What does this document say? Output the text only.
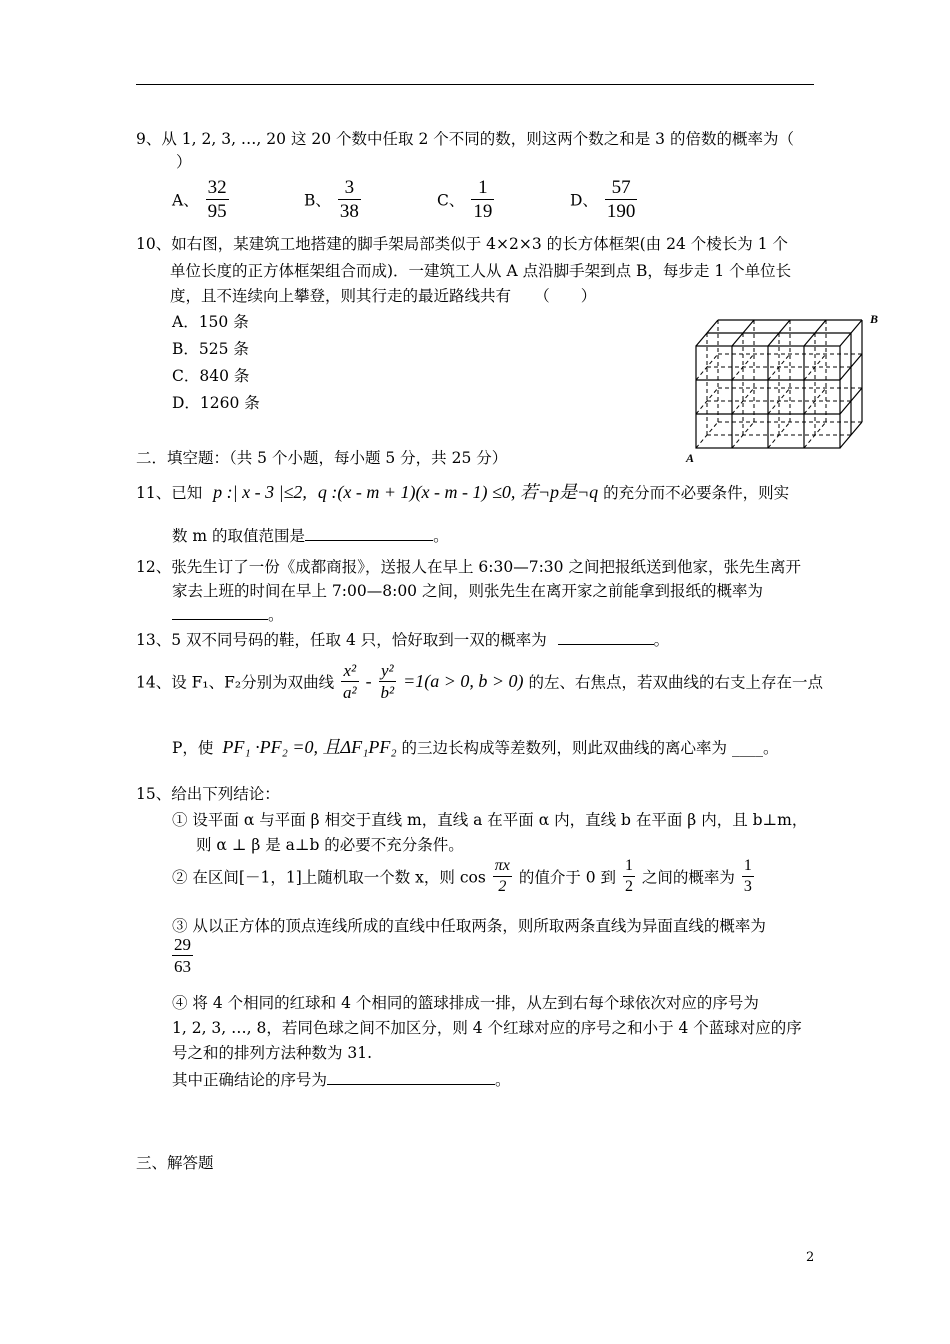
9、从 1, 2, 3, …, 20 这 20 个数中任取 2 个不同的数，则这两个数之和是 3 的倍数的概率为（
）
A、 $\frac{32}{95}$	B、 $\frac{3}{38}$	C、 $\frac{1}{19}$	D、 $\frac{57}{190}$
10、如右图，某建筑工地搭建的脚手架局部类似于 4×2×3 的长方体框架(由 24 个棱长为 1 个
单位长度的正方体框架组合而成)．一建筑工人从 A 点沿脚手架到点 B，每步走 1 个单位长
度，且不连续向上攀登，则其行走的最近路线共有　　（　　）
A．150 条
B．525 条
C．840 条
D．1260 条
A
B
二．填空题：（共 5 个小题，每小题 5 分，共 25 分）
11、已知 p :| x - 3 |≤2, q :(x - m + 1)(x - m - 1) ≤0, 若¬p是¬q 的充分而不必要条件，则实
数 m 的取值范围是	。
12、张先生订了一份《成都商报》，送报人在早上 6:30—7:30 之间把报纸送到他家，张先生离开
家去上班的时间在早上 7:00—8:00 之间，则张先生在离开家之前能拿到报纸的概率为
。
13、5 双不同号码的鞋，任取 4 只，恰好取到一双的概率为	。
14、设 F₁、F₂分别为双曲线 $\frac{\text{x²}}{\text{a²}} - \frac{\text{y²}}{\text{b²}} =1(a > 0$, b > 0) 的左、右焦点，若双曲线的右支上存在一点
P，使 PF₁ ·PF₂ =0, 且ΔF₁PF₂ 的三边长构成等差数列，则此双曲线的离心率为 ____。
15、给出下列结论：
① 设平面 α 与平面 β 相交于直线 m，直线 a 在平面 α 内，直线 b 在平面 β 内，且 b⊥m，
则 α ⊥ β 是 a⊥b 的必要不充分条件。
② 在区间[－1，1]上随机取一个数 x，则 $\cos \frac{\pi x}{2}$ 的值介于 0 到 $\frac{1}{2}$ 之间的概率为 $\frac{1}{3}$
③ 从以正方体的顶点连线所成的直线中任取两条，则所取两条直线为异面直线的概率为
$\frac{29}{63}$
④ 将 4 个相同的红球和 4 个相同的篮球排成一排，从左到右每个球依次对应的序号为
1, 2, 3, …, 8，若同色球之间不加区分，则 4 个红球对应的序号之和小于 4 个蓝球对应的序
号之和的排列方法种数为 31.
其中正确结论的序号为	。
三、解答题
2
